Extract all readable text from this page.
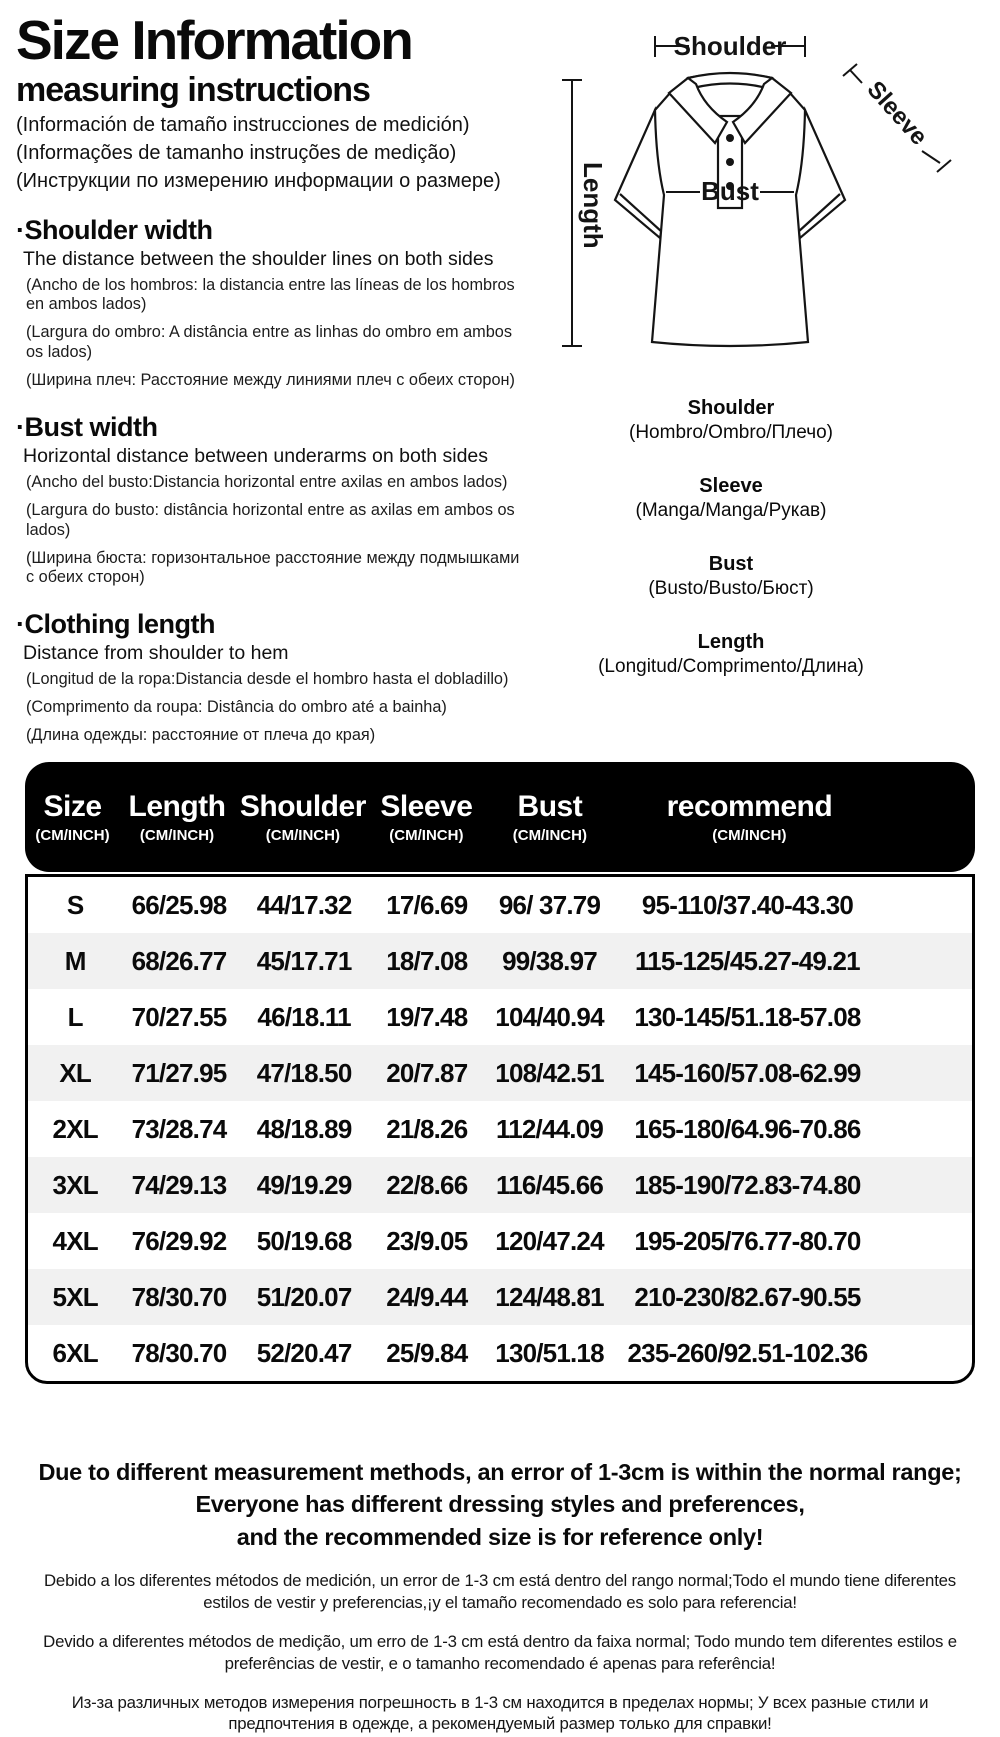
Size Information
measuring instructions
(Información de tamaño instrucciones de medición)
(Informações de tamanho instruções de medição)
(Инструкции по измерению информации о размере)
·Shoulder width
The distance between the shoulder lines on both sides
(Ancho de los hombros: la distancia entre las líneas de los hombros en ambos lados)
(Largura do ombro: A distância entre as linhas do ombro em ambos os lados)
(Ширина плеч: Расстояние между линиями плеч с обеих сторон)
·Bust width
Horizontal distance between underarms on both sides
(Ancho del busto:Distancia horizontal entre axilas en ambos lados)
(Largura do busto: distância horizontal entre as axilas em ambos os lados)
(Ширина бюста: горизонтальное расстояние между подмышками с обеих сторон)
·Clothing length
Distance from shoulder to hem
(Longitud de la ropa:Distancia desde el hombro hasta el dobladillo)
(Comprimento da roupa: Distância do ombro até a bainha)
(Длина одежды: расстояние от плеча до края)
Shoulder
Bust
Length
Sleeve
Shoulder
(Hombro/Ombro/Плечо)
Sleeve
(Manga/Manga/Рукав)
Bust
(Busto/Busto/Бюст)
Length
(Longitud/Comprimento/Длина)
Size
(CM/INCH)
Length
(CM/INCH)
Shoulder
(CM/INCH)
Sleeve
(CM/INCH)
Bust
(CM/INCH)
recommend
(CM/INCH)
S	66/25.98	44/17.32	17/6.69	96/ 37.79	95-110/37.40-43.30
M	68/26.77	45/17.71	18/7.08	99/38.97	115-125/45.27-49.21
L	70/27.55	46/18.11	19/7.48	104/40.94	130-145/51.18-57.08
XL	71/27.95	47/18.50	20/7.87	108/42.51	145-160/57.08-62.99
2XL	73/28.74	48/18.89	21/8.26	112/44.09	165-180/64.96-70.86
3XL	74/29.13	49/19.29	22/8.66	116/45.66	185-190/72.83-74.80
4XL	76/29.92	50/19.68	23/9.05	120/47.24	195-205/76.77-80.70
5XL	78/30.70	51/20.07	24/9.44	124/48.81	210-230/82.67-90.55
6XL	78/30.70	52/20.47	25/9.84	130/51.18 235-260/92.51-102.36
Due to different measurement methods, an error of 1-3cm is within the normal range;
Everyone has different dressing styles and preferences,
and the recommended size is for reference only!
Debido a los diferentes métodos de medición, un error de 1-3 cm está dentro del rango normal;Todo el mundo tiene diferentes estilos de vestir y preferencias,¡y el tamaño recomendado es solo para referencia!
Devido a diferentes métodos de medição, um erro de 1-3 cm está dentro da faixa normal; Todo mundo tem diferentes estilos e preferências de vestir, e o tamanho recomendado é apenas para referência!
Из-за различных методов измерения погрешность в 1-3 см находится в пределах нормы; У всех разные стили и предпочтения в одежде, а рекомендуемый размер только для справки!
